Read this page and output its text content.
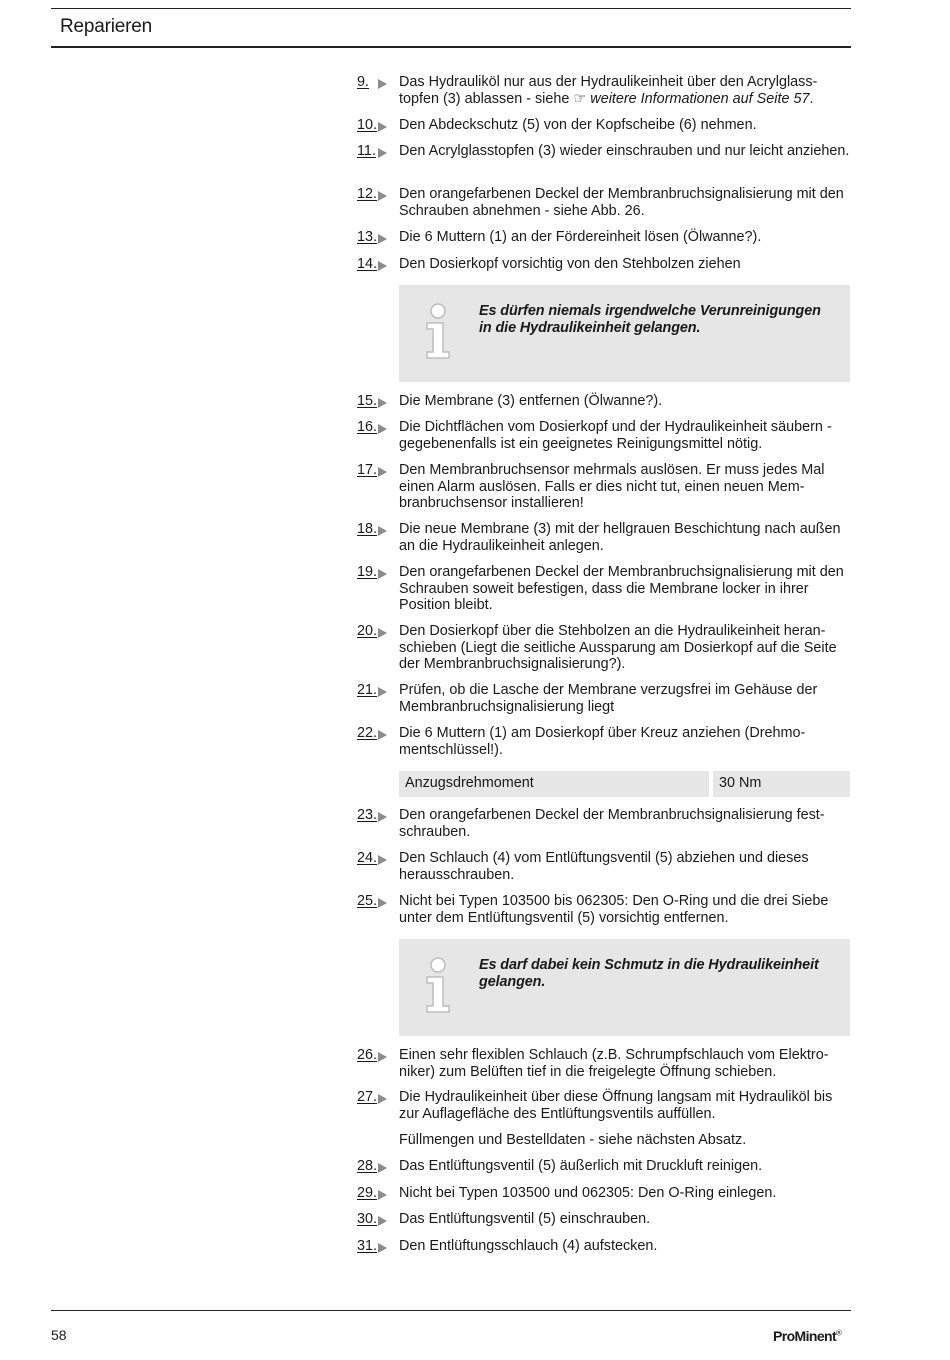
Reparieren
9. Das Hydrauliköl nur aus der Hydraulikeinheit über den Acrylglass-topfen (3) ablassen - siehe ☞ weitere Informationen auf Seite 57.
10. Den Abdeckschutz (5) von der Kopfscheibe (6) nehmen.
11. Den Acrylglasstopfen (3) wieder einschrauben und nur leicht anziehen.
12. Den orangefarbenen Deckel der Membranbruchsignalisierung mit den Schrauben abnehmen - siehe Abb. 26.
13. Die 6 Muttern (1) an der Fördereinheit lösen (Ölwanne?).
14. Den Dosierkopf vorsichtig von den Stehbolzen ziehen
Es dürfen niemals irgendwelche Verunreinigungen in die Hydraulikeinheit gelangen.
15. Die Membrane (3) entfernen (Ölwanne?).
16. Die Dichtflächen vom Dosierkopf und der Hydraulikeinheit säubern - gegebenenfalls ist ein geeignetes Reinigungsmittel nötig.
17. Den Membranbruchsensor mehrmals auslösen. Er muss jedes Mal einen Alarm auslösen. Falls er dies nicht tut, einen neuen Mem-branbruchsensor installieren!
18. Die neue Membrane (3) mit der hellgrauen Beschichtung nach außen an die Hydraulikeinheit anlegen.
19. Den orangefarbenen Deckel der Membranbruchsignalisierung mit den Schrauben soweit befestigen, dass die Membrane locker in ihrer Position bleibt.
20. Den Dosierkopf über die Stehbolzen an die Hydraulikeinheit heran-schieben (Liegt die seitliche Aussparung am Dosierkopf auf die Seite der Membranbruchsignalisierung?).
21. Prüfen, ob die Lasche der Membrane verzugsfrei im Gehäuse der Membranbruchsignalisierung liegt
22. Die 6 Muttern (1) am Dosierkopf über Kreuz anziehen (Drehmo-mentschlüssel!).
Anzugsdrehmoment	30 Nm
23. Den orangefarbenen Deckel der Membranbruchsignalisierung fest-schrauben.
24. Den Schlauch (4) vom Entlüftungsventil (5) abziehen und dieses herausschrauben.
25. Nicht bei Typen 103500 bis 062305: Den O-Ring und die drei Siebe unter dem Entlüftungsventil (5) vorsichtig entfernen.
Es darf dabei kein Schmutz in die Hydraulikeinheit gelangen.
26. Einen sehr flexiblen Schlauch (z.B. Schrumpfschlauch vom Elektro-niker) zum Belüften tief in die freigelegte Öffnung schieben.
27. Die Hydraulikeinheit über diese Öffnung langsam mit Hydrauliköl bis zur Auflagefläche des Entlüftungsventils auffüllen.
Füllmengen und Bestelldaten - siehe nächsten Absatz.
28. Das Entlüftungsventil (5) äußerlich mit Druckluft reinigen.
29. Nicht bei Typen 103500 und 062305: Den O-Ring einlegen.
30. Das Entlüftungsventil (5) einschrauben.
31. Den Entlüftungsschlauch (4) aufstecken.
58	ProMinent®
